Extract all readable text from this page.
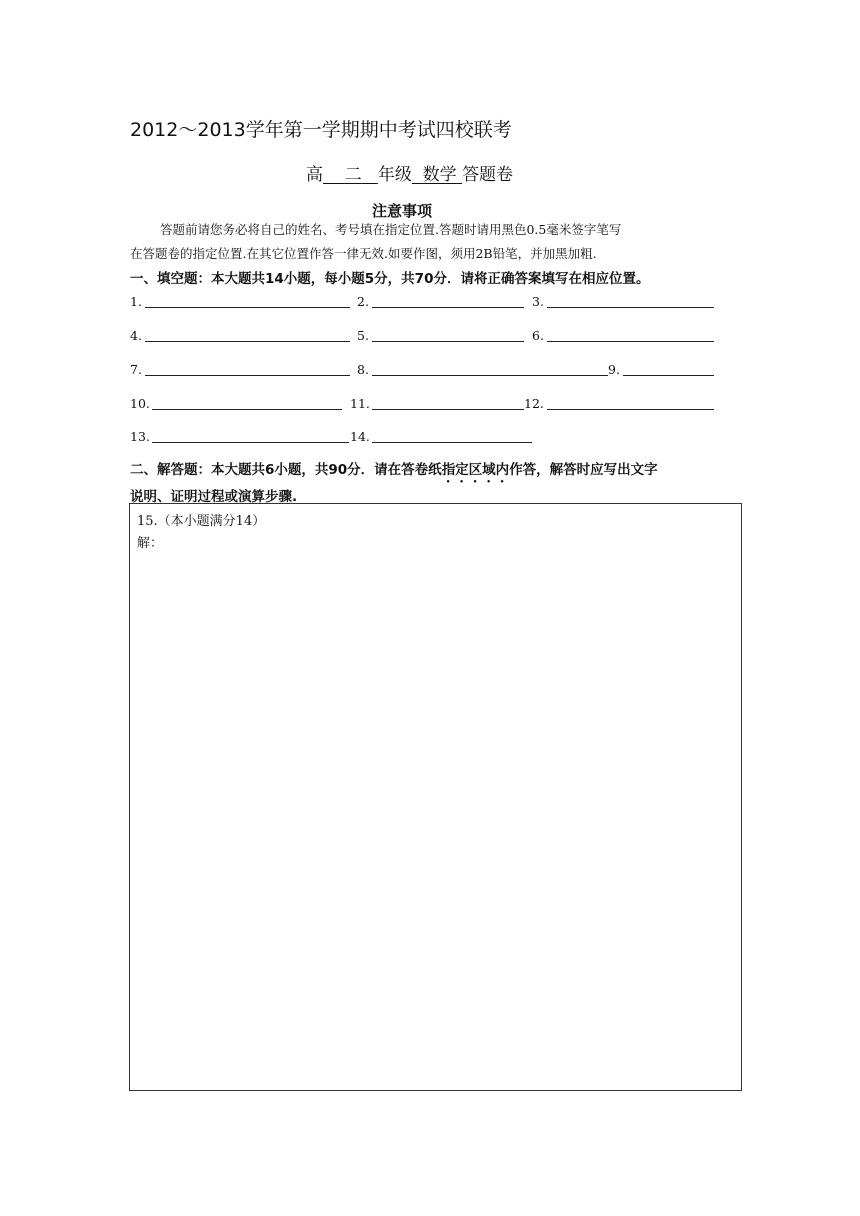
2012～2013学年第一学期期中考试四校联考
高 二 年级 数学 答题卷
注意事项
答题前请您务必将自己的姓名、考号填在指定位置.答题时请用黑色0.5毫米签字笔写
在答题卷的指定位置.在其它位置作答一律无效.如要作图，须用2B铅笔，并加黑加粗.
一、填空题：本大题共14小题，每小题5分，共70分．请将正确答案填写在相应位置。
1.	2.	3.
4.	5.	6.
7.	8.	9.
10.	11.	12.
13.	14.
二、解答题：本大题共6小题，共90分．请在答卷纸指定区域内作答，解答时应写出文字
说明、证明过程或演算步骤.
15.（本小题满分14）
解：
